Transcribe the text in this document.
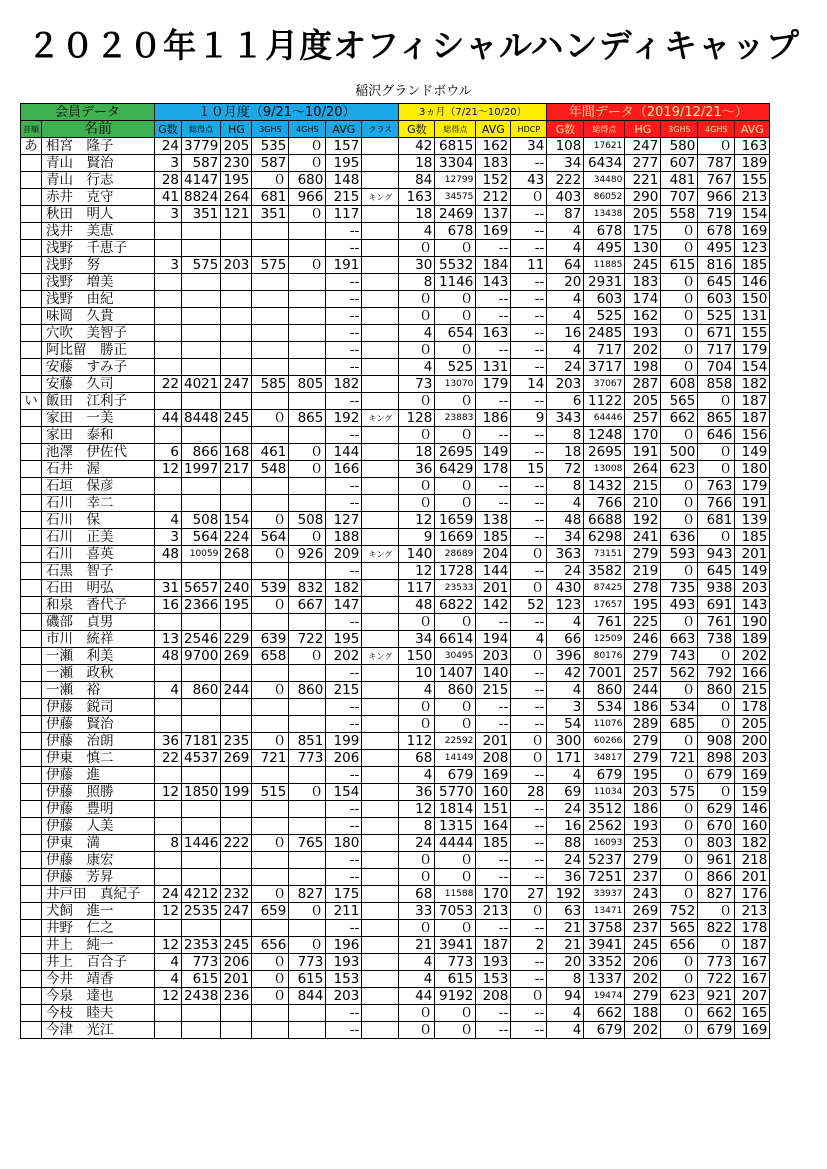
２０２０年１１月度オフィシャルハンディキャップ
稲沢グランドボウル
会員データ		１０月度（9/21～10/20）							3ヵ月（7/21～10/20）				年間データ（2019/12/21～）					
音順	名前	G数	総得点	HG	3GHS	4GHS	AVG	クラス	G数	総得点	AVG	HDCP	G数	総得点	HG	3GHS	4GHS	AVG
あ	相宮　隆子	24	3779	205	535	０	157		42	6815	162	34	108	17621	247	580	０	163
	青山　賢治	3	587	230	587	０	195		18	3304	183	--	34	6434	277	607	787	189
	青山　行志	28	4147	195	０	680	148		84	12799	152	43	222	34480	221	481	767	155
	赤井　克守	41	8824	264	681	966	215	キング	163	34575	212	０	403	86052	290	707	966	213
	秋田　明人	3	351	121	351	０	117		18	2469	137	--	87	13438	205	558	719	154
	浅井　美恵						--		4	678	169	--	4	678	175	０	678	169
	浅野　千恵子						--		０	０	--	--	4	495	130	０	495	123
	浅野　努	3	575	203	575	０	191		30	5532	184	11	64	11885	245	615	816	185
	浅野　増美						--		8	1146	143	--	20	2931	183	０	645	146
	浅野　由紀						--		０	０	--	--	4	603	174	０	603	150
	味岡　久貴						--		０	０	--	--	4	525	162	０	525	131
	穴吹　美智子						--		4	654	163	--	16	2485	193	０	671	155
	阿比留　勝正						--		０	０	--	--	4	717	202	０	717	179
	安藤　すみ子						--		4	525	131	--	24	3717	198	０	704	154
	安藤　久司	22	4021	247	585	805	182		73	13070	179	14	203	37067	287	608	858	182
い	飯田　江利子						--		０	０	--	--	6	1122	205	565	０	187
	家田　一美	44	8448	245	０	865	192	キング	128	23883	186	9	343	64446	257	662	865	187
	家田　泰和						--		０	０	--	--	8	1248	170	０	646	156
	池澤　伊佐代	6	866	168	461	０	144		18	2695	149	--	18	2695	191	500	０	149
	石井　渥	12	1997	217	548	０	166		36	6429	178	15	72	13008	264	623	０	180
	石垣　保彦						--		０	０	--	--	8	1432	215	０	763	179
	石川　幸二						--		０	０	--	--	4	766	210	０	766	191
	石川　保	4	508	154	０	508	127		12	1659	138	--	48	6688	192	０	681	139
	石川　正美	3	564	224	564	０	188		9	1669	185	--	34	6298	241	636	０	185
	石川　喜英	48	10059	268	０	926	209	キング	140	28689	204	０	363	73151	279	593	943	201
	石黒　智子						--		12	1728	144	--	24	3582	219	０	645	149
	石田　明弘	31	5657	240	539	832	182		117	23533	201	０	430	87425	278	735	938	203
	和泉　香代子	16	2366	195	０	667	147		48	6822	142	52	123	17657	195	493	691	143
	磯部　貞男						--		０	０	--	--	4	761	225	０	761	190
	市川　統祥	13	2546	229	639	722	195		34	6614	194	4	66	12509	246	663	738	189
	一瀬　利美	48	9700	269	658	０	202	キング	150	30495	203	０	396	80176	279	743	０	202
	一瀬　政秋						--		10	1407	140	--	42	7001	257	562	792	166
	一瀬　裕	4	860	244	０	860	215		4	860	215	--	4	860	244	０	860	215
	伊藤　鋭司						--		０	０	--	--	3	534	186	534	０	178
	伊藤　賢治						--		０	０	--	--	54	11076	289	685	０	205
	伊藤　治朗	36	7181	235	０	851	199		112	22592	201	０	300	60266	279	０	908	200
	伊東　慎二	22	4537	269	721	773	206		68	14149	208	０	171	34817	279	721	898	203
	伊藤　進						--		4	679	169	--	4	679	195	０	679	169
	伊藤　照勝	12	1850	199	515	０	154		36	5770	160	28	69	11034	203	575	０	159
	伊藤　豊明						--		12	1814	151	--	24	3512	186	０	629	146
	伊藤　人美						--		8	1315	164	--	16	2562	193	０	670	160
	伊東　満	8	1446	222	０	765	180		24	4444	185	--	88	16093	253	０	803	182
	伊藤　康宏						--		０	０	--	--	24	5237	279	０	961	218
	伊藤　芳昇						--		０	０	--	--	36	7251	237	０	866	201
	井戸田　真紀子	24	4212	232	０	827	175		68	11588	170	27	192	33937	243	０	827	176
	犬飼　進一	12	2535	247	659	０	211		33	7053	213	０	63	13471	269	752	０	213
	井野　仁之						--		０	０	--	--	21	3758	237	565	822	178
	井上　純一	12	2353	245	656	０	196		21	3941	187	2	21	3941	245	656	０	187
	井上　百合子	4	773	206	０	773	193		4	773	193	--	20	3352	206	０	773	167
	今井　靖香	4	615	201	０	615	153		4	615	153	--	8	1337	202	０	722	167
	今泉　達也	12	2438	236	０	844	203		44	9192	208	０	94	19474	279	623	921	207
	今枝　睦夫						--		０	０	--	--	4	662	188	０	662	165
	今津　光江						--		０	０	--	--	4	679	202	０	679	169
